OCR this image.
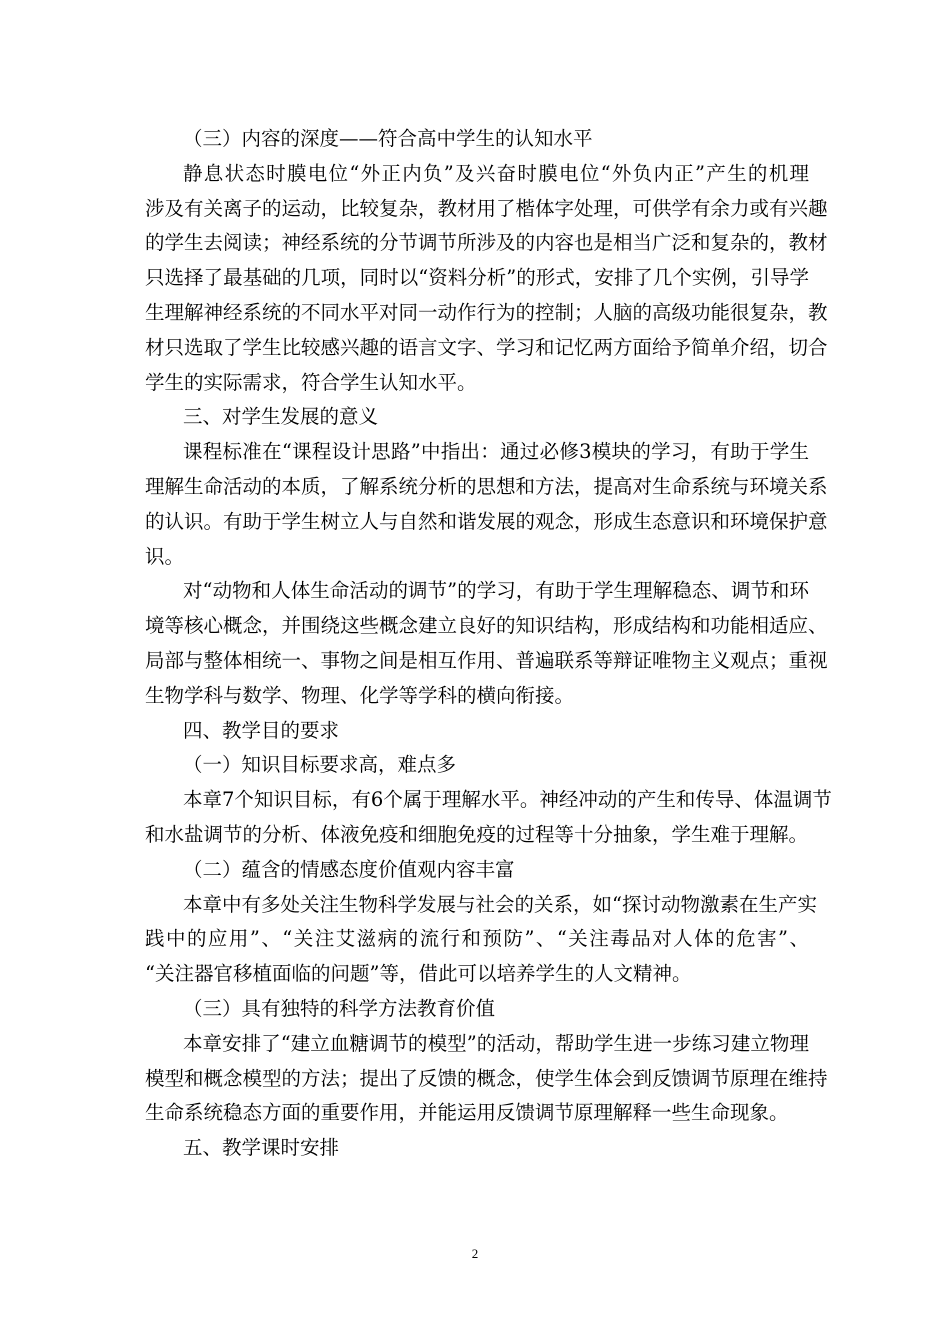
（三）内容的深度——符合高中学生的认知水平
静息状态时膜电位“外正内负”及兴奋时膜电位“外负内正”产生的机理
涉及有关离子的运动，比较复杂，教材用了楷体字处理，可供学有余力或有兴趣
的学生去阅读；神经系统的分节调节所涉及的内容也是相当广泛和复杂的，教材
只选择了最基础的几项，同时以“资料分析”的形式，安排了几个实例，引导学
生理解神经系统的不同水平对同一动作行为的控制；人脑的高级功能很复杂，教
材只选取了学生比较感兴趣的语言文字、学习和记忆两方面给予简单介绍，切合
学生的实际需求，符合学生认知水平。
三、对学生发展的意义
课程标准在“课程设计思路”中指出：通过必修3模块的学习，有助于学生
理解生命活动的本质，了解系统分析的思想和方法，提高对生命系统与环境关系
的认识。有助于学生树立人与自然和谐发展的观念，形成生态意识和环境保护意
识。
对“动物和人体生命活动的调节”的学习，有助于学生理解稳态、调节和环
境等核心概念，并围绕这些概念建立良好的知识结构，形成结构和功能相适应、
局部与整体相统一、事物之间是相互作用、普遍联系等辩证唯物主义观点；重视
生物学科与数学、物理、化学等学科的横向衔接。
四、教学目的要求
（一）知识目标要求高，难点多
本章7个知识目标，有6个属于理解水平。神经冲动的产生和传导、体温调节
和水盐调节的分析、体液免疫和细胞免疫的过程等十分抽象，学生难于理解。
（二）蕴含的情感态度价值观内容丰富
本章中有多处关注生物科学发展与社会的关系，如“探讨动物激素在生产实
践中的应用”、“关注艾滋病的流行和预防”、“关注毒品对人体的危害”、
“关注器官移植面临的问题”等，借此可以培养学生的人文精神。
（三）具有独特的科学方法教育价值
本章安排了“建立血糖调节的模型”的活动，帮助学生进一步练习建立物理
模型和概念模型的方法；提出了反馈的概念，使学生体会到反馈调节原理在维持
生命系统稳态方面的重要作用，并能运用反馈调节原理解释一些生命现象。
五、教学课时安排
2
